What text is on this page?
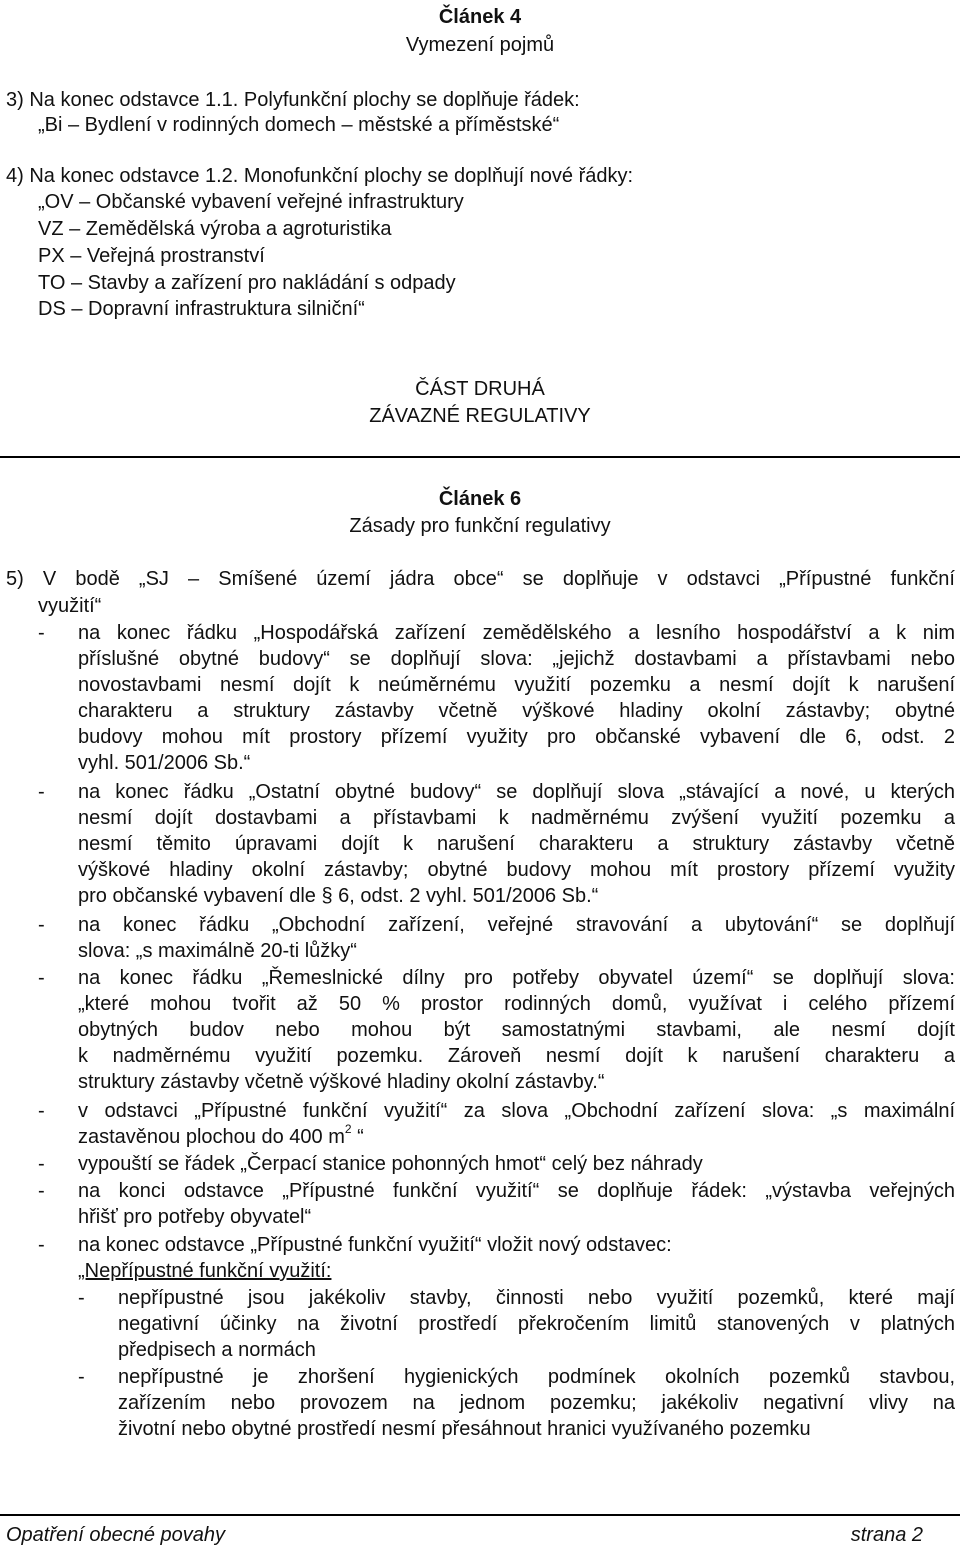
Článek 4
Vymezení pojmů
3) Na konec odstavce 1.1. Polyfunkční plochy se doplňuje řádek:
„Bi – Bydlení v rodinných domech – městské a příměstské“
4) Na konec odstavce 1.2. Monofunkční plochy se doplňují nové řádky:
„OV – Občanské vybavení veřejné infrastruktury
VZ – Zemědělská výroba a agroturistika
PX – Veřejná prostranství
TO – Stavby a zařízení pro nakládání s odpady
DS – Dopravní infrastruktura silniční“
ČÁST DRUHÁ
ZÁVAZNÉ REGULATIVY
Článek 6
Zásady pro funkční regulativy
5) V bodě „SJ – Smíšené území jádra obce“ se doplňuje v odstavci „Přípustné funkční
využití“
- na konec řádku „Hospodářská zařízení zemědělského a lesního hospodářství a k nim
příslušné obytné budovy“ se doplňují slova: „jejichž dostavbami a přístavbami nebo
novostavbami nesmí dojít k neúměrnému využití pozemku a nesmí dojít k narušení
charakteru a struktury zástavby včetně výškové hladiny okolní zástavby; obytné
budovy mohou mít prostory přízemí využity pro občanské vybavení dle 6, odst. 2
vyhl. 501/2006 Sb.“
- na konec řádku „Ostatní obytné budovy“ se doplňují slova „stávající a nové, u kterých
nesmí dojít dostavbami a přístavbami k nadměrnému zvýšení využití pozemku a
nesmí těmito úpravami dojít k narušení charakteru a struktury zástavby včetně
výškové hladiny okolní zástavby; obytné budovy mohou mít prostory přízemí využity
pro občanské vybavení dle § 6, odst. 2 vyhl. 501/2006 Sb.“
- na konec řádku „Obchodní zařízení, veřejné stravování a ubytování“ se doplňují
slova: „s maximálně 20-ti lůžky“
- na konec řádku „Řemeslnické dílny pro potřeby obyvatel území“ se doplňují slova:
„které mohou tvořit až 50 % prostor rodinných domů, využívat i celého přízemí
obytných budov nebo mohou být samostatnými stavbami, ale nesmí dojít
k nadměrnému využití pozemku. Zároveň nesmí dojít k narušení charakteru a
struktury zástavby včetně výškové hladiny okolní zástavby.“
- v odstavci „Přípustné funkční využití“ za slova „Obchodní zařízení slova: „s maximální
zastavěnou plochou do 400 $m^2$ “
- vypouští se řádek „Čerpací stanice pohonných hmot“ celý bez náhrady
- na konci odstavce „Přípustné funkční využití“ se doplňuje řádek: „výstavba veřejných
hřišť pro potřeby obyvatel“
- na konec odstavce „Přípustné funkční využití“ vložit nový odstavec:
„Nepřípustné funkční využití:
- nepřípustné jsou jakékoliv stavby, činnosti nebo využití pozemků, které mají
negativní účinky na životní prostředí překročením limitů stanovených v platných
předpisech a normách
- nepřípustné je zhoršení hygienických podmínek okolních pozemků stavbou,
zařízením nebo provozem na jednom pozemku; jakékoliv negativní vlivy na
životní nebo obytné prostředí nesmí přesáhnout hranici využívaného pozemku
Opatření obecné povahy	strana 2
